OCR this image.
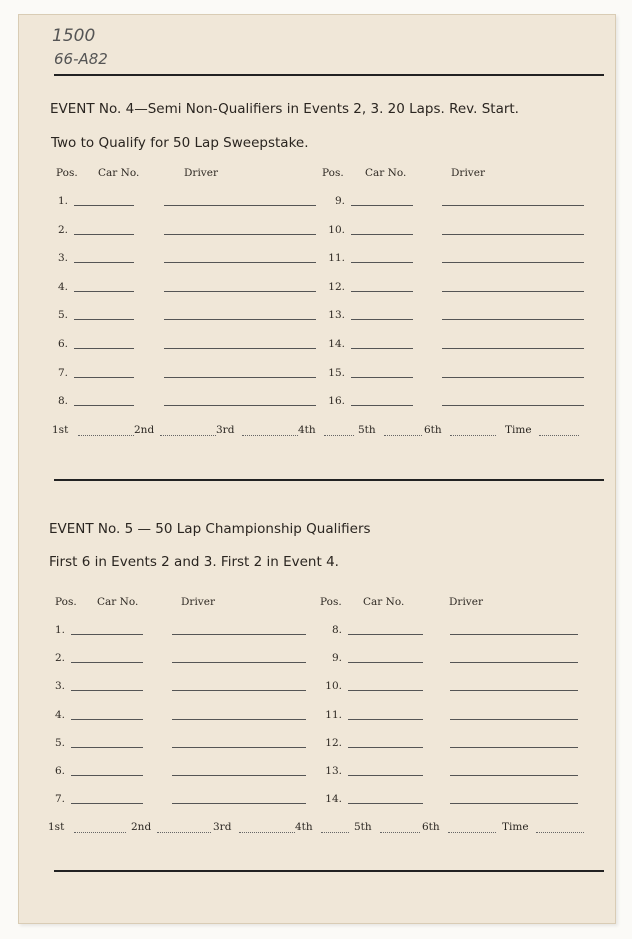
1500
66-A82
EVENT No. 4—Semi Non-Qualifiers in Events 2, 3. 20 Laps. Rev. Start.
Two to Qualify for 50 Lap Sweepstake.
Pos. Car No.	Driver	Pos. Car No.	Driver
1.	9.
2.	10.
3.	11.
4.	12.
5.	13.
6.	14.
7.	15.
8.	16.
1st	2nd	3rd	4th	5th	6th	Time
EVENT No. 5 — 50 Lap Championship Qualifiers
First 6 in Events 2 and 3. First 2 in Event 4.
Pos. Car No.	Driver	Pos. Car No.	Driver
1.	8.
2.	9.
3.	10.
4.	11.
5.	12.
6.	13.
7.	14.
1st	2nd	3rd	4th	5th	6th	Time
